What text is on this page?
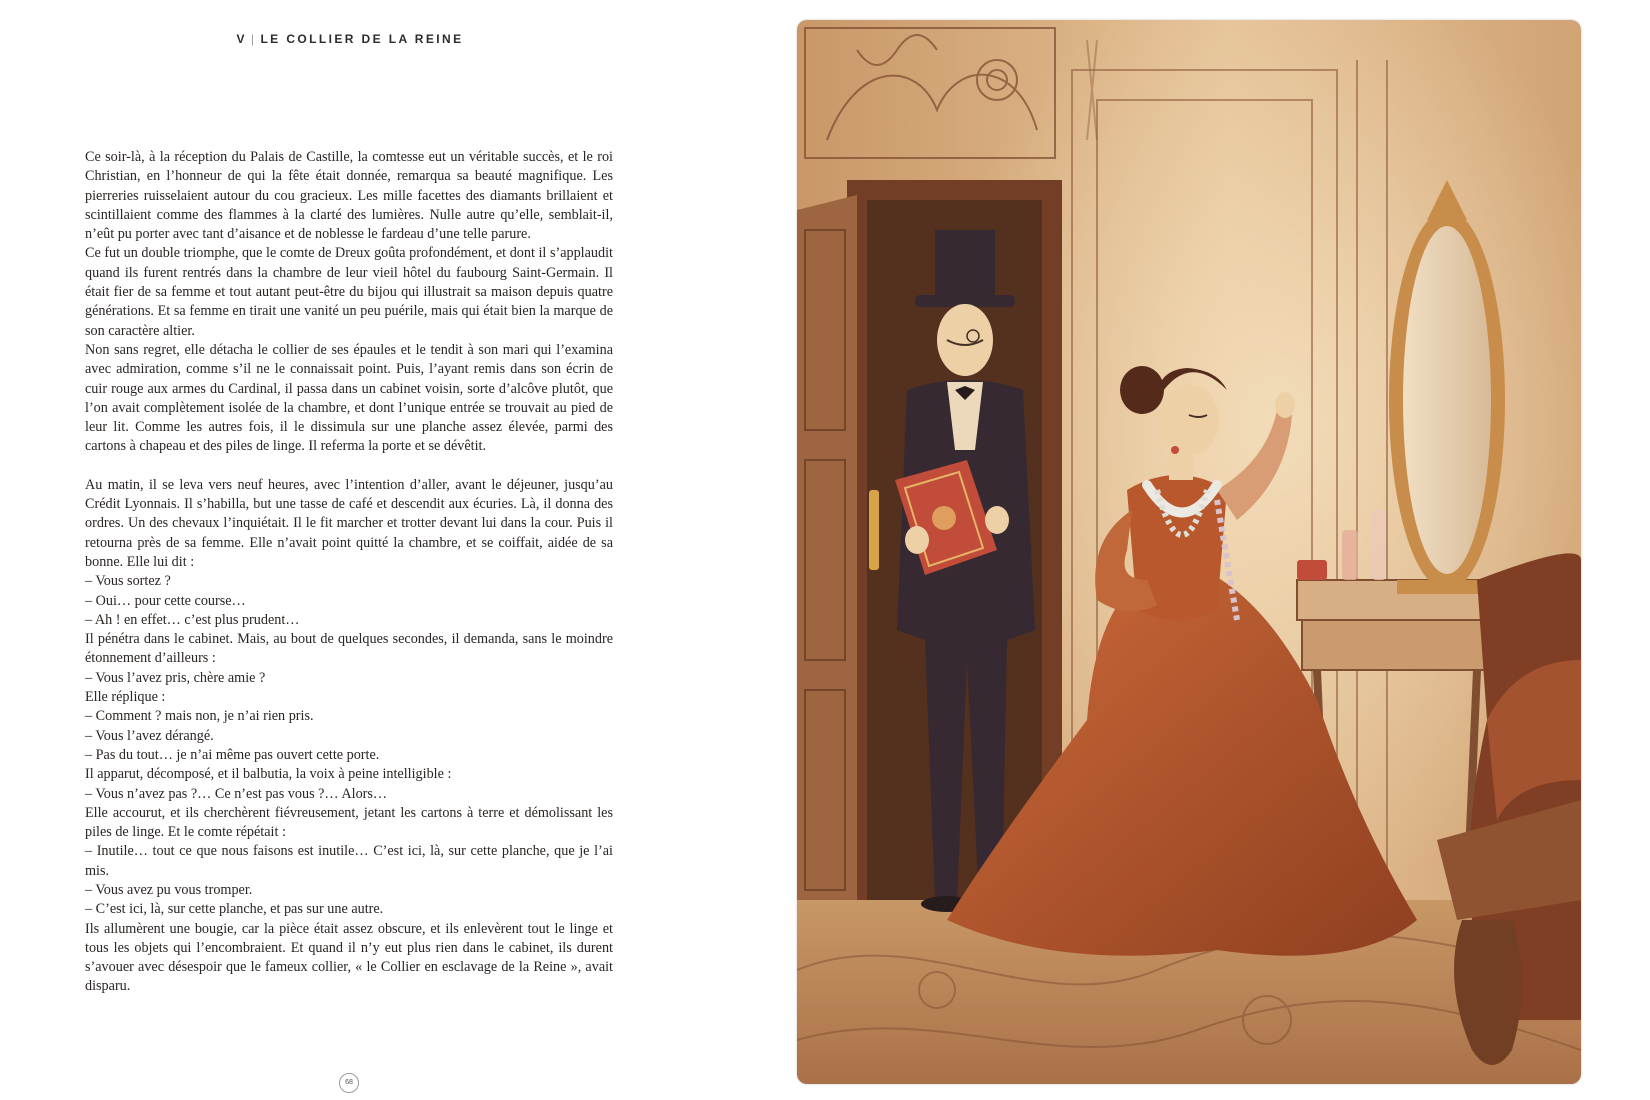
V | LE COLLIER DE LA REINE

Ce soir-là, à la réception du Palais de Castille, la comtesse eut un véritable succès, et le roi Christian, en l’honneur de qui la fête était donnée, remarqua sa beauté magnifique. Les pierreries ruisselaient autour du cou gracieux. Les mille facettes des diamants brillaient et scintillaient comme des flammes à la clarté des lumières. Nulle autre qu’elle, semblait-il, n’eût pu porter avec tant d’aisance et de noblesse le fardeau d’une telle parure.

Ce fut un double triomphe, que le comte de Dreux goûta profondément, et dont il s’applaudit quand ils furent rentrés dans la chambre de leur vieil hôtel du faubourg Saint-Germain. Il était fier de sa femme et tout autant peut-être du bijou qui illustrait sa maison depuis quatre générations. Et sa femme en tirait une vanité un peu puérile, mais qui était bien la marque de son caractère altier.

Non sans regret, elle détacha le collier de ses épaules et le tendit à son mari qui l’examina avec admiration, comme s’il ne le connaissait point. Puis, l’ayant remis dans son écrin de cuir rouge aux armes du Cardinal, il passa dans un cabinet voisin, sorte d’alcôve plutôt, que l’on avait complètement isolée de la chambre, et dont l’unique entrée se trouvait au pied de leur lit. Comme les autres fois, il le dissimula sur une planche assez élevée, parmi des cartons à chapeau et des piles de linge. Il referma la porte et se dévêtit.

Au matin, il se leva vers neuf heures, avec l’intention d’aller, avant le déjeuner, jusqu’au Crédit Lyonnais. Il s’habilla, but une tasse de café et descendit aux écuries. Là, il donna des ordres. Un des chevaux l’inquiétait. Il le fit marcher et trotter devant lui dans la cour. Puis il retourna près de sa femme. Elle n’avait point quitté la chambre, et se coiffait, aidée de sa bonne. Elle lui dit :

– Vous sortez ?

– Oui… pour cette course…

– Ah ! en effet… c’est plus prudent…

Il pénétra dans le cabinet. Mais, au bout de quelques secondes, il demanda, sans le moindre étonnement d’ailleurs :

– Vous l’avez pris, chère amie ?

Elle réplique :

– Comment ? mais non, je n’ai rien pris.

– Vous l’avez dérangé.

– Pas du tout… je n’ai même pas ouvert cette porte.

Il apparut, décomposé, et il balbutia, la voix à peine intelligible :

– Vous n’avez pas ?… Ce n’est pas vous ?… Alors…

Elle accourut, et ils cherchèrent fiévreusement, jetant les cartons à terre et démolissant les piles de linge. Et le comte répétait :

– Inutile… tout ce que nous faisons est inutile… C’est ici, là, sur cette planche, que je l’ai mis.

– Vous avez pu vous tromper.

– C’est ici, là, sur cette planche, et pas sur une autre.

Ils allumèrent une bougie, car la pièce était assez obscure, et ils enlevèrent tout le linge et tous les objets qui l’encombraient. Et quand il n’y eut plus rien dans le cabinet, ils durent s’avouer avec désespoir que le fameux collier, « le Collier en esclavage de la Reine », avait disparu.

68
